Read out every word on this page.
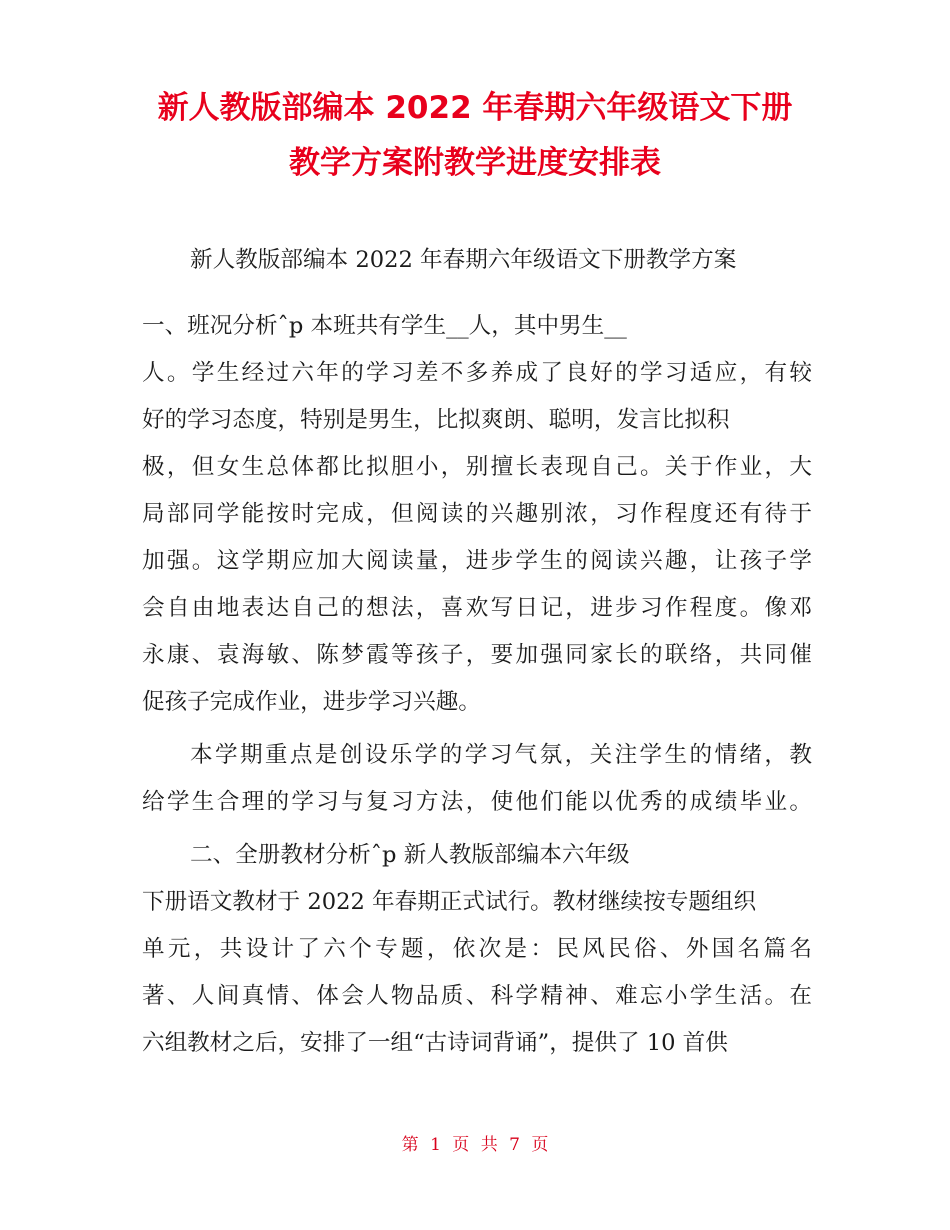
新人教版部编本 2022 年春期六年级语文下册
教学方案附教学进度安排表
新人教版部编本 2022 年春期六年级语文下册教学方案
一、班况分析ˆp 本班共有学生__人，其中男生__
人。学生经过六年的学习差不多养成了良好的学习适应，有较
好的学习态度，特别是男生，比拟爽朗、聪明，发言比拟积
极，但女生总体都比拟胆小，别擅长表现自己。关于作业，大
局部同学能按时完成，但阅读的兴趣别浓，习作程度还有待于
加强。这学期应加大阅读量，进步学生的阅读兴趣，让孩子学
会自由地表达自己的想法，喜欢写日记，进步习作程度。像邓
永康、袁海敏、陈梦霞等孩子，要加强同家长的联络，共同催
促孩子完成作业，进步学习兴趣。
本学期重点是创设乐学的学习气氛，关注学生的情绪，教
给学生合理的学习与复习方法，使他们能以优秀的成绩毕业。
二、全册教材分析ˆp 新人教版部编本六年级
下册语文教材于 2022 年春期正式试行。教材继续按专题组织
单元，共设计了六个专题，依次是：民风民俗、外国名篇名
著、人间真情、体会人物品质、科学精神、难忘小学生活。在
六组教材之后，安排了一组“古诗词背诵”，提供了 10 首供
第 1 页 共 7 页
